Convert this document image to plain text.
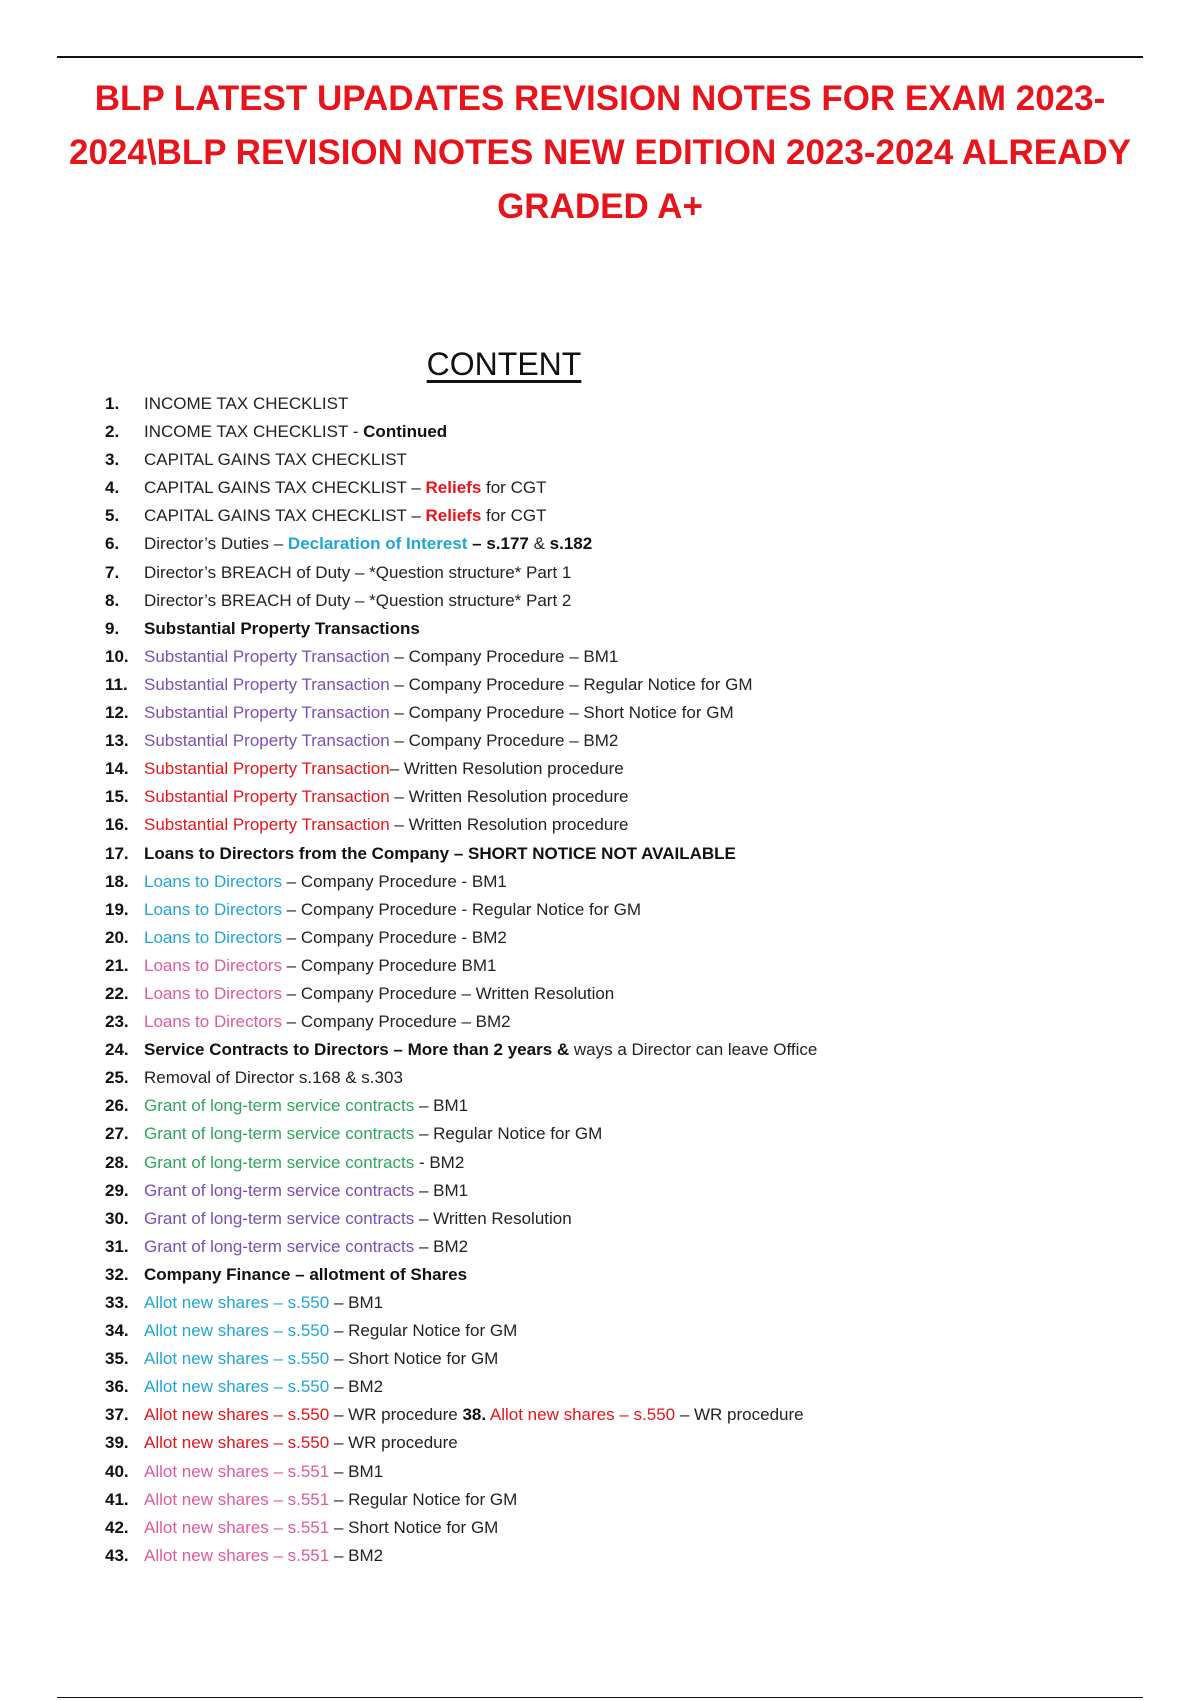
BLP LATEST UPADATES REVISION NOTES FOR EXAM 2023-
2024\BLP REVISION NOTES NEW EDITION 2023-2024 ALREADY
GRADED A+
CONTENT
1. INCOME TAX CHECKLIST
2. INCOME TAX CHECKLIST - Continued
3. CAPITAL GAINS TAX CHECKLIST
4. CAPITAL GAINS TAX CHECKLIST – Reliefs for CGT
5. CAPITAL GAINS TAX CHECKLIST – Reliefs for CGT
6. Director’s Duties – Declaration of Interest – s.177 & s.182
7. Director’s BREACH of Duty – *Question structure* Part 1
8. Director’s BREACH of Duty – *Question structure* Part 2
9. Substantial Property Transactions
10. Substantial Property Transaction – Company Procedure – BM1
11. Substantial Property Transaction – Company Procedure – Regular Notice for GM
12. Substantial Property Transaction – Company Procedure – Short Notice for GM
13. Substantial Property Transaction – Company Procedure – BM2
14. Substantial Property Transaction– Written Resolution procedure
15. Substantial Property Transaction – Written Resolution procedure
16. Substantial Property Transaction – Written Resolution procedure
17. Loans to Directors from the Company – SHORT NOTICE NOT AVAILABLE
18. Loans to Directors – Company Procedure - BM1
19. Loans to Directors – Company Procedure - Regular Notice for GM
20. Loans to Directors – Company Procedure - BM2
21. Loans to Directors – Company Procedure BM1
22. Loans to Directors – Company Procedure – Written Resolution
23. Loans to Directors – Company Procedure – BM2
24. Service Contracts to Directors – More than 2 years & ways a Director can leave Office
25. Removal of Director s.168 & s.303
26. Grant of long-term service contracts – BM1
27. Grant of long-term service contracts – Regular Notice for GM
28. Grant of long-term service contracts - BM2
29. Grant of long-term service contracts – BM1
30. Grant of long-term service contracts – Written Resolution
31. Grant of long-term service contracts – BM2
32. Company Finance – allotment of Shares
33. Allot new shares – s.550 – BM1
34. Allot new shares – s.550 – Regular Notice for GM
35. Allot new shares – s.550 – Short Notice for GM
36. Allot new shares – s.550 – BM2
37. Allot new shares – s.550 – WR procedure 38. Allot new shares – s.550 – WR procedure
39. Allot new shares – s.550 – WR procedure
40. Allot new shares – s.551 – BM1
41. Allot new shares – s.551 – Regular Notice for GM
42. Allot new shares – s.551 – Short Notice for GM
43. Allot new shares – s.551 – BM2
